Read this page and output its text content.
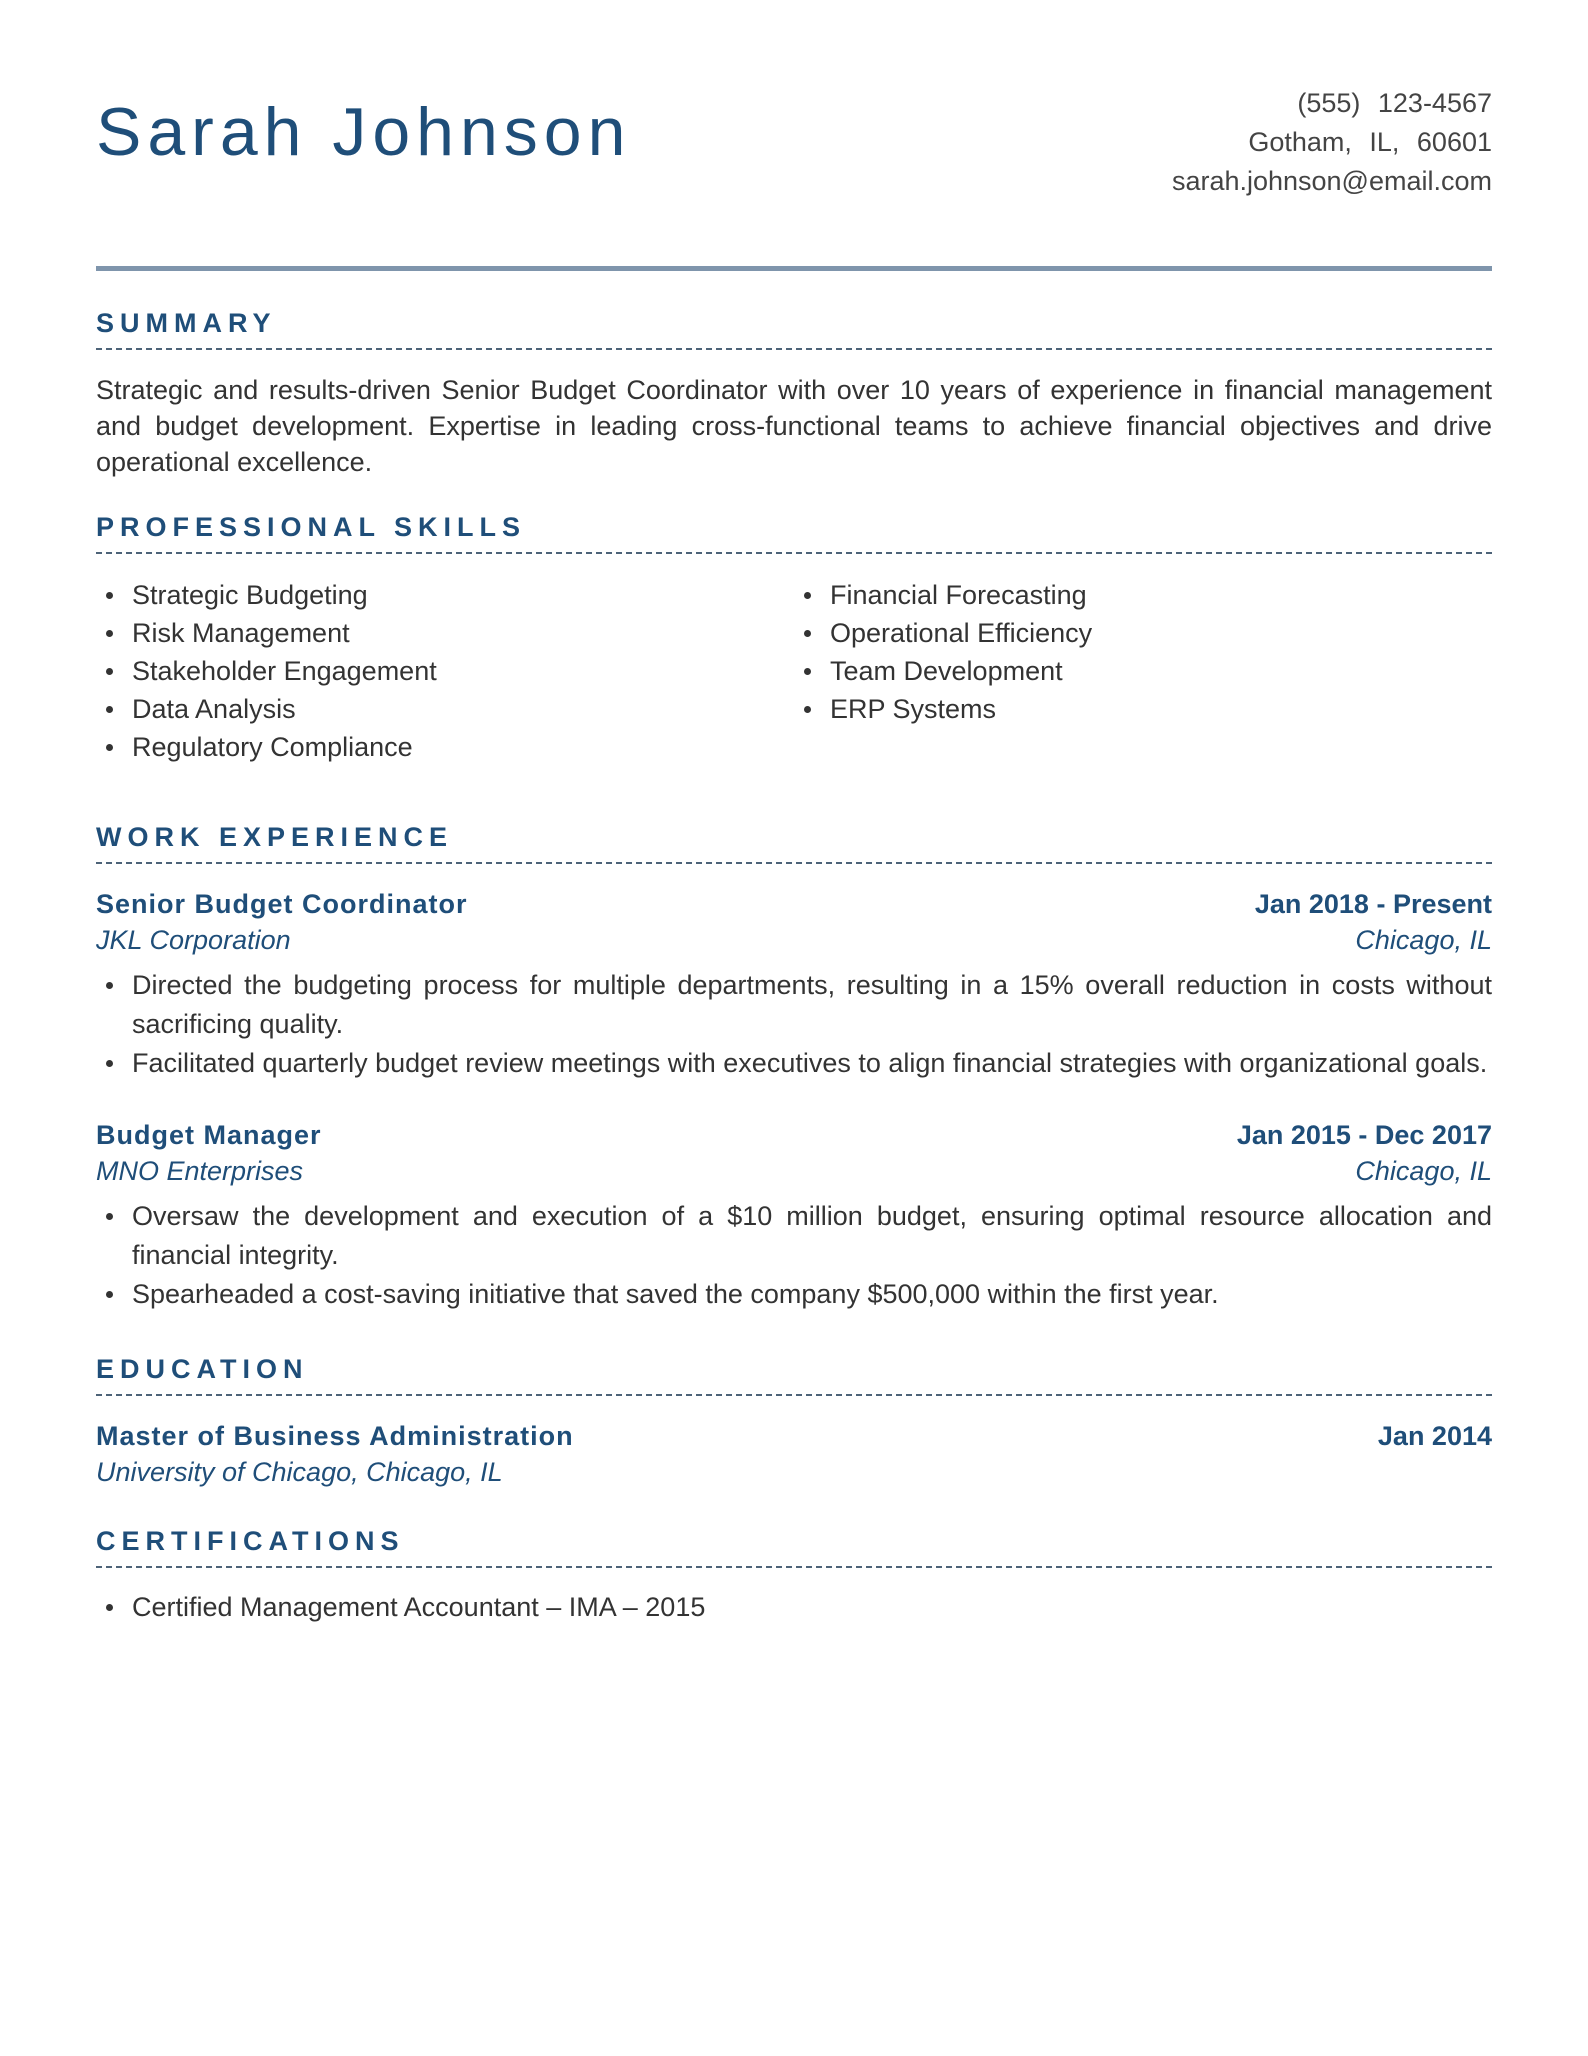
Sarah Johnson	(555) 123-4567
Gotham, IL, 60601
sarah.johnson@email.com
SUMMARY

Strategic and results-driven Senior Budget Coordinator with over 10 years of experience in financial management and budget development. Expertise in leading cross-functional teams to achieve financial objectives and drive operational excellence.

PROFESSIONAL SKILLS
Strategic Budgeting
Risk Management
Stakeholder Engagement
Data Analysis
Regulatory Compliance
Financial Forecasting
Operational Efficiency
Team Development
ERP Systems
WORK EXPERIENCE
Senior Budget Coordinator	Jan 2018 - Present
JKL Corporation	Chicago, IL
Directed the budgeting process for multiple departments, resulting in a 15% overall reduction in costs without sacrificing quality.
Facilitated quarterly budget review meetings with executives to align financial strategies with organizational goals.
Budget Manager	Jan 2015 - Dec 2017
MNO Enterprises	Chicago, IL
Oversaw the development and execution of a $10 million budget, ensuring optimal resource allocation and financial integrity.
Spearheaded a cost-saving initiative that saved the company $500,000 within the first year.
EDUCATION
Master of Business Administration	Jan 2014
University of Chicago, Chicago, IL
CERTIFICATIONS
Certified Management Accountant – IMA – 2015
